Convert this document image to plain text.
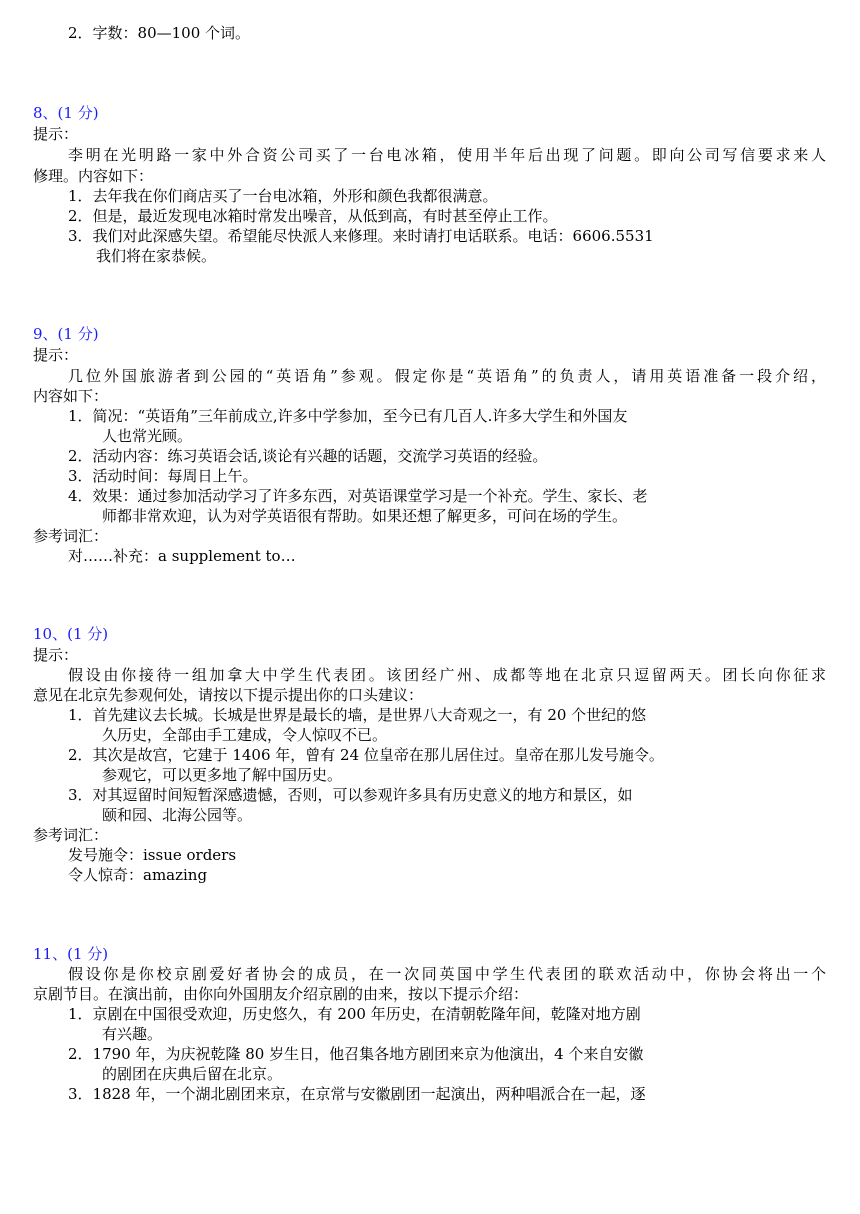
2．字数：80—100 个词。
8、(1 分)
提示：
李明在光明路一家中外合资公司买了一台电冰箱，使用半年后出现了问题。即向公司写信要求来人
修理。内容如下：
1．去年我在你们商店买了一台电冰箱，外形和颜色我都很满意。
2．但是，最近发现电冰箱时常发出噪音，从低到高，有时甚至停止工作。
3．我们对此深感失望。希望能尽快派人来修理。来时请打电话联系。电话：6606.5531
我们将在家恭候。
9、(1 分)
提示：
几位外国旅游者到公园的“英语角”参观。假定你是“英语角”的负责人，请用英语准备一段介绍，
内容如下：
1．简况：“英语角”三年前成立,许多中学参加，至今已有几百人.许多大学生和外国友
人也常光顾。
2．活动内容：练习英语会话,谈论有兴趣的话题，交流学习英语的经验。
3．活动时间：每周日上午。
4．效果：通过参加活动学习了许多东西，对英语课堂学习是一个补充。学生、家长、老
师都非常欢迎，认为对学英语很有帮助。如果还想了解更多，可问在场的学生。
参考词汇：
对……补充：a supplement to…
10、(1 分)
提示：
假设由你接待一组加拿大中学生代表团。该团经广州、成都等地在北京只逗留两天。团长向你征求
意见在北京先参观何处，请按以下提示提出你的口头建议：
1．首先建议去长城。长城是世界是最长的墙，是世界八大奇观之一，有 20 个世纪的悠
久历史，全部由手工建成，令人惊叹不已。
2．其次是故宫，它建于 1406 年，曾有 24 位皇帝在那儿居住过。皇帝在那儿发号施令。
参观它，可以更多地了解中国历史。
3．对其逗留时间短暂深感遗憾，否则，可以参观许多具有历史意义的地方和景区，如
颐和园、北海公园等。
参考词汇：
发号施令：issue orders
令人惊奇：amazing
11、(1 分)
假设你是你校京剧爱好者协会的成员，在一次同英国中学生代表团的联欢活动中，你协会将出一个
京剧节目。在演出前，由你向外国朋友介绍京剧的由来，按以下提示介绍：
1．京剧在中国很受欢迎，历史悠久，有 200 年历史，在清朝乾隆年间，乾隆对地方剧
有兴趣。
2．1790 年，为庆祝乾隆 80 岁生日，他召集各地方剧团来京为他演出，4 个来自安徽
的剧团在庆典后留在北京。
3．1828 年，一个湖北剧团来京，在京常与安徽剧团一起演出，两种唱派合在一起，逐
